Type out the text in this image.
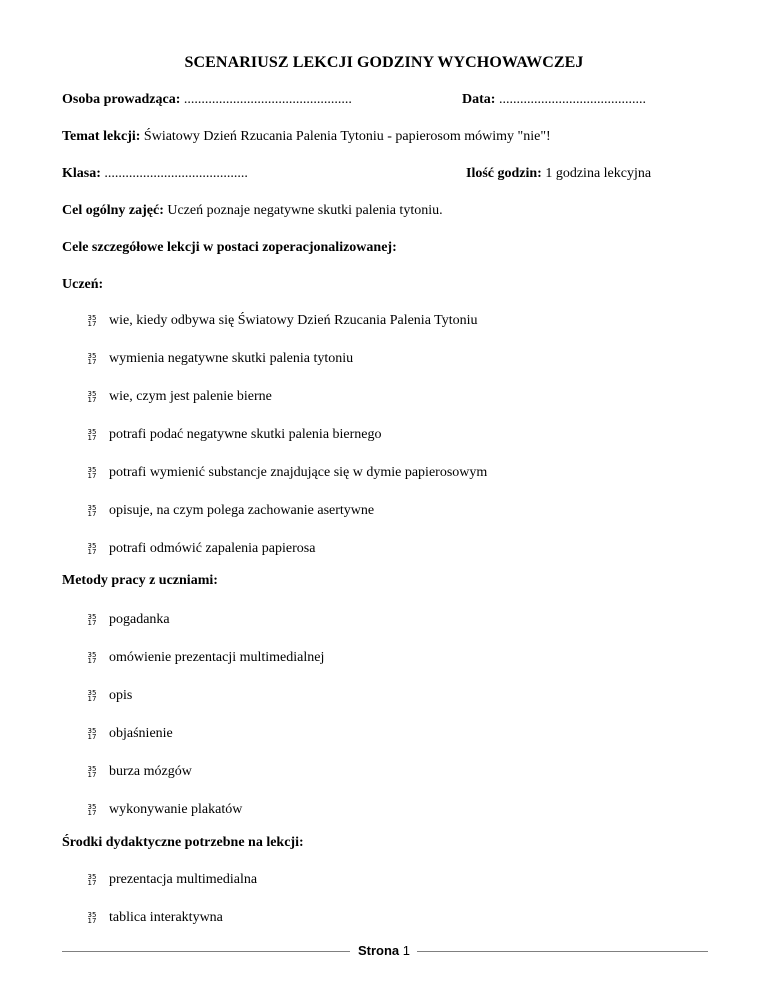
SCENARIUSZ LEKCJI GODZINY WYCHOWAWCZEJ
Osoba prowadząca: ................................................	Data: ..........................................
Temat lekcji: Światowy Dzień Rzucania Palenia Tytoniu - papierosom mówimy "nie"!
Klasa: .........................................	Ilość godzin: 1 godzina lekcyjna
Cel ogólny zajęć: Uczeń poznaje negatywne skutki palenia tytoniu.
Cele szczegółowe lekcji w postaci zoperacjonalizowanej:
Uczeń:
35
17 wie, kiedy odbywa się Światowy Dzień Rzucania Palenia Tytoniu
35
17 wymienia negatywne skutki palenia tytoniu
35
17 wie, czym jest palenie bierne
35
17 potrafi podać negatywne skutki palenia biernego
35
17 potrafi wymienić substancje znajdujące się w dymie papierosowym
35
17 opisuje, na czym polega zachowanie asertywne
35
17 potrafi odmówić zapalenia papierosa
Metody pracy z uczniami:
35
17 pogadanka
35
17 omówienie prezentacji multimedialnej
35
17 opis
35
17 objaśnienie
35
17 burza mózgów
35
17 wykonywanie plakatów
Środki dydaktyczne potrzebne na lekcji:
35
17 prezentacja multimedialna
35
17 tablica interaktywna
Strona 1
